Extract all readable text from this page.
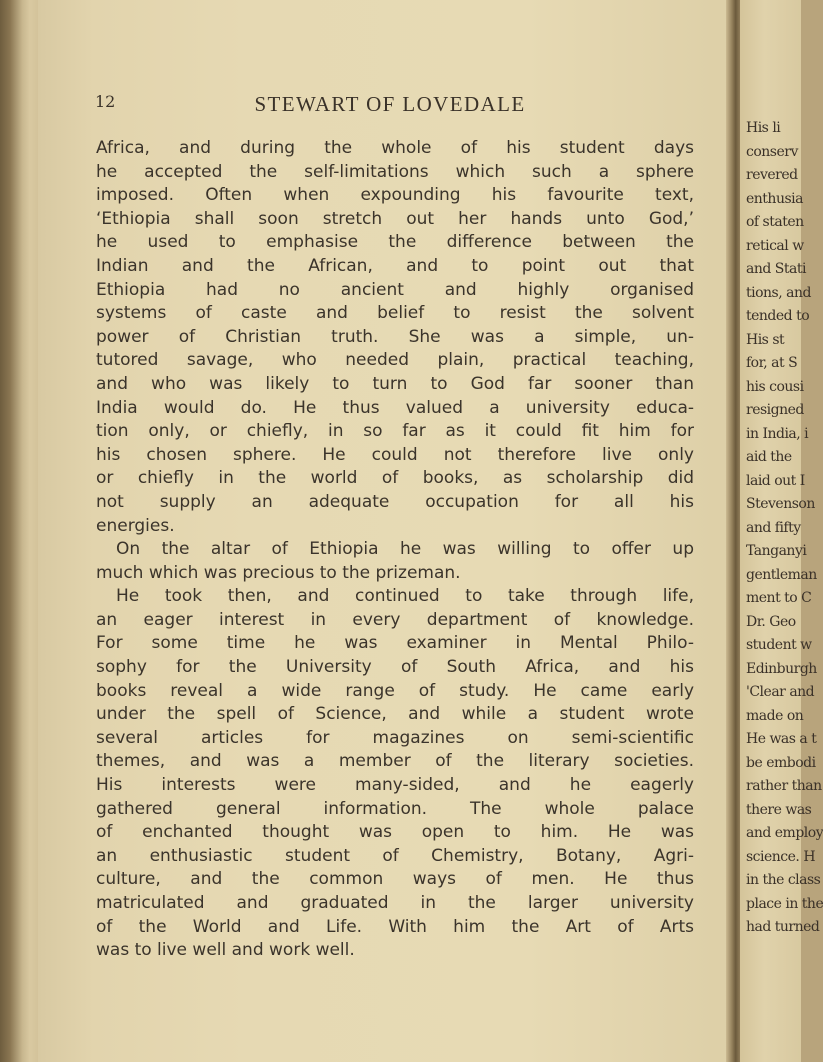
His li
conserv
revered
enthusia
of staten
retical w
and Stati
tions, and
tended to
His st
for, at S
his cousi
resigned
in India, i
aid the
laid out I
Stevenson
and fifty
Tanganyi
gentleman
ment to C
Dr. Geo
student w
Edinburgh
'Clear and
made on
He was a t
be embodi
rather than
there was
and employ
science. H
in the class
place in the
had turned
12	STEWART OF LOVEDALE
Africa, and during the whole of his student days
he accepted the self-limitations which such a sphere
imposed. Often when expounding his favourite text,
‘Ethiopia shall soon stretch out her hands unto God,’
he used to emphasise the difference between the
Indian and the African, and to point out that
Ethiopia had no ancient and highly organised
systems of caste and belief to resist the solvent
power of Christian truth. She was a simple, un-
tutored savage, who needed plain, practical teaching,
and who was likely to turn to God far sooner than
India would do. He thus valued a university educa-
tion only, or chiefly, in so far as it could fit him for
his chosen sphere. He could not therefore live only
or chiefly in the world of books, as scholarship did
not supply an adequate occupation for all his
energies.
On the altar of Ethiopia he was willing to offer up
much which was precious to the prizeman.
He took then, and continued to take through life,
an eager interest in every department of knowledge.
For some time he was examiner in Mental Philo-
sophy for the University of South Africa, and his
books reveal a wide range of study. He came early
under the spell of Science, and while a student wrote
several articles for magazines on semi-scientific
themes, and was a member of the literary societies.
His interests were many-sided, and he eagerly
gathered general information. The whole palace
of enchanted thought was open to him. He was
an enthusiastic student of Chemistry, Botany, Agri-
culture, and the common ways of men. He thus
matriculated and graduated in the larger university
of the World and Life. With him the Art of Arts
was to live well and work well.
